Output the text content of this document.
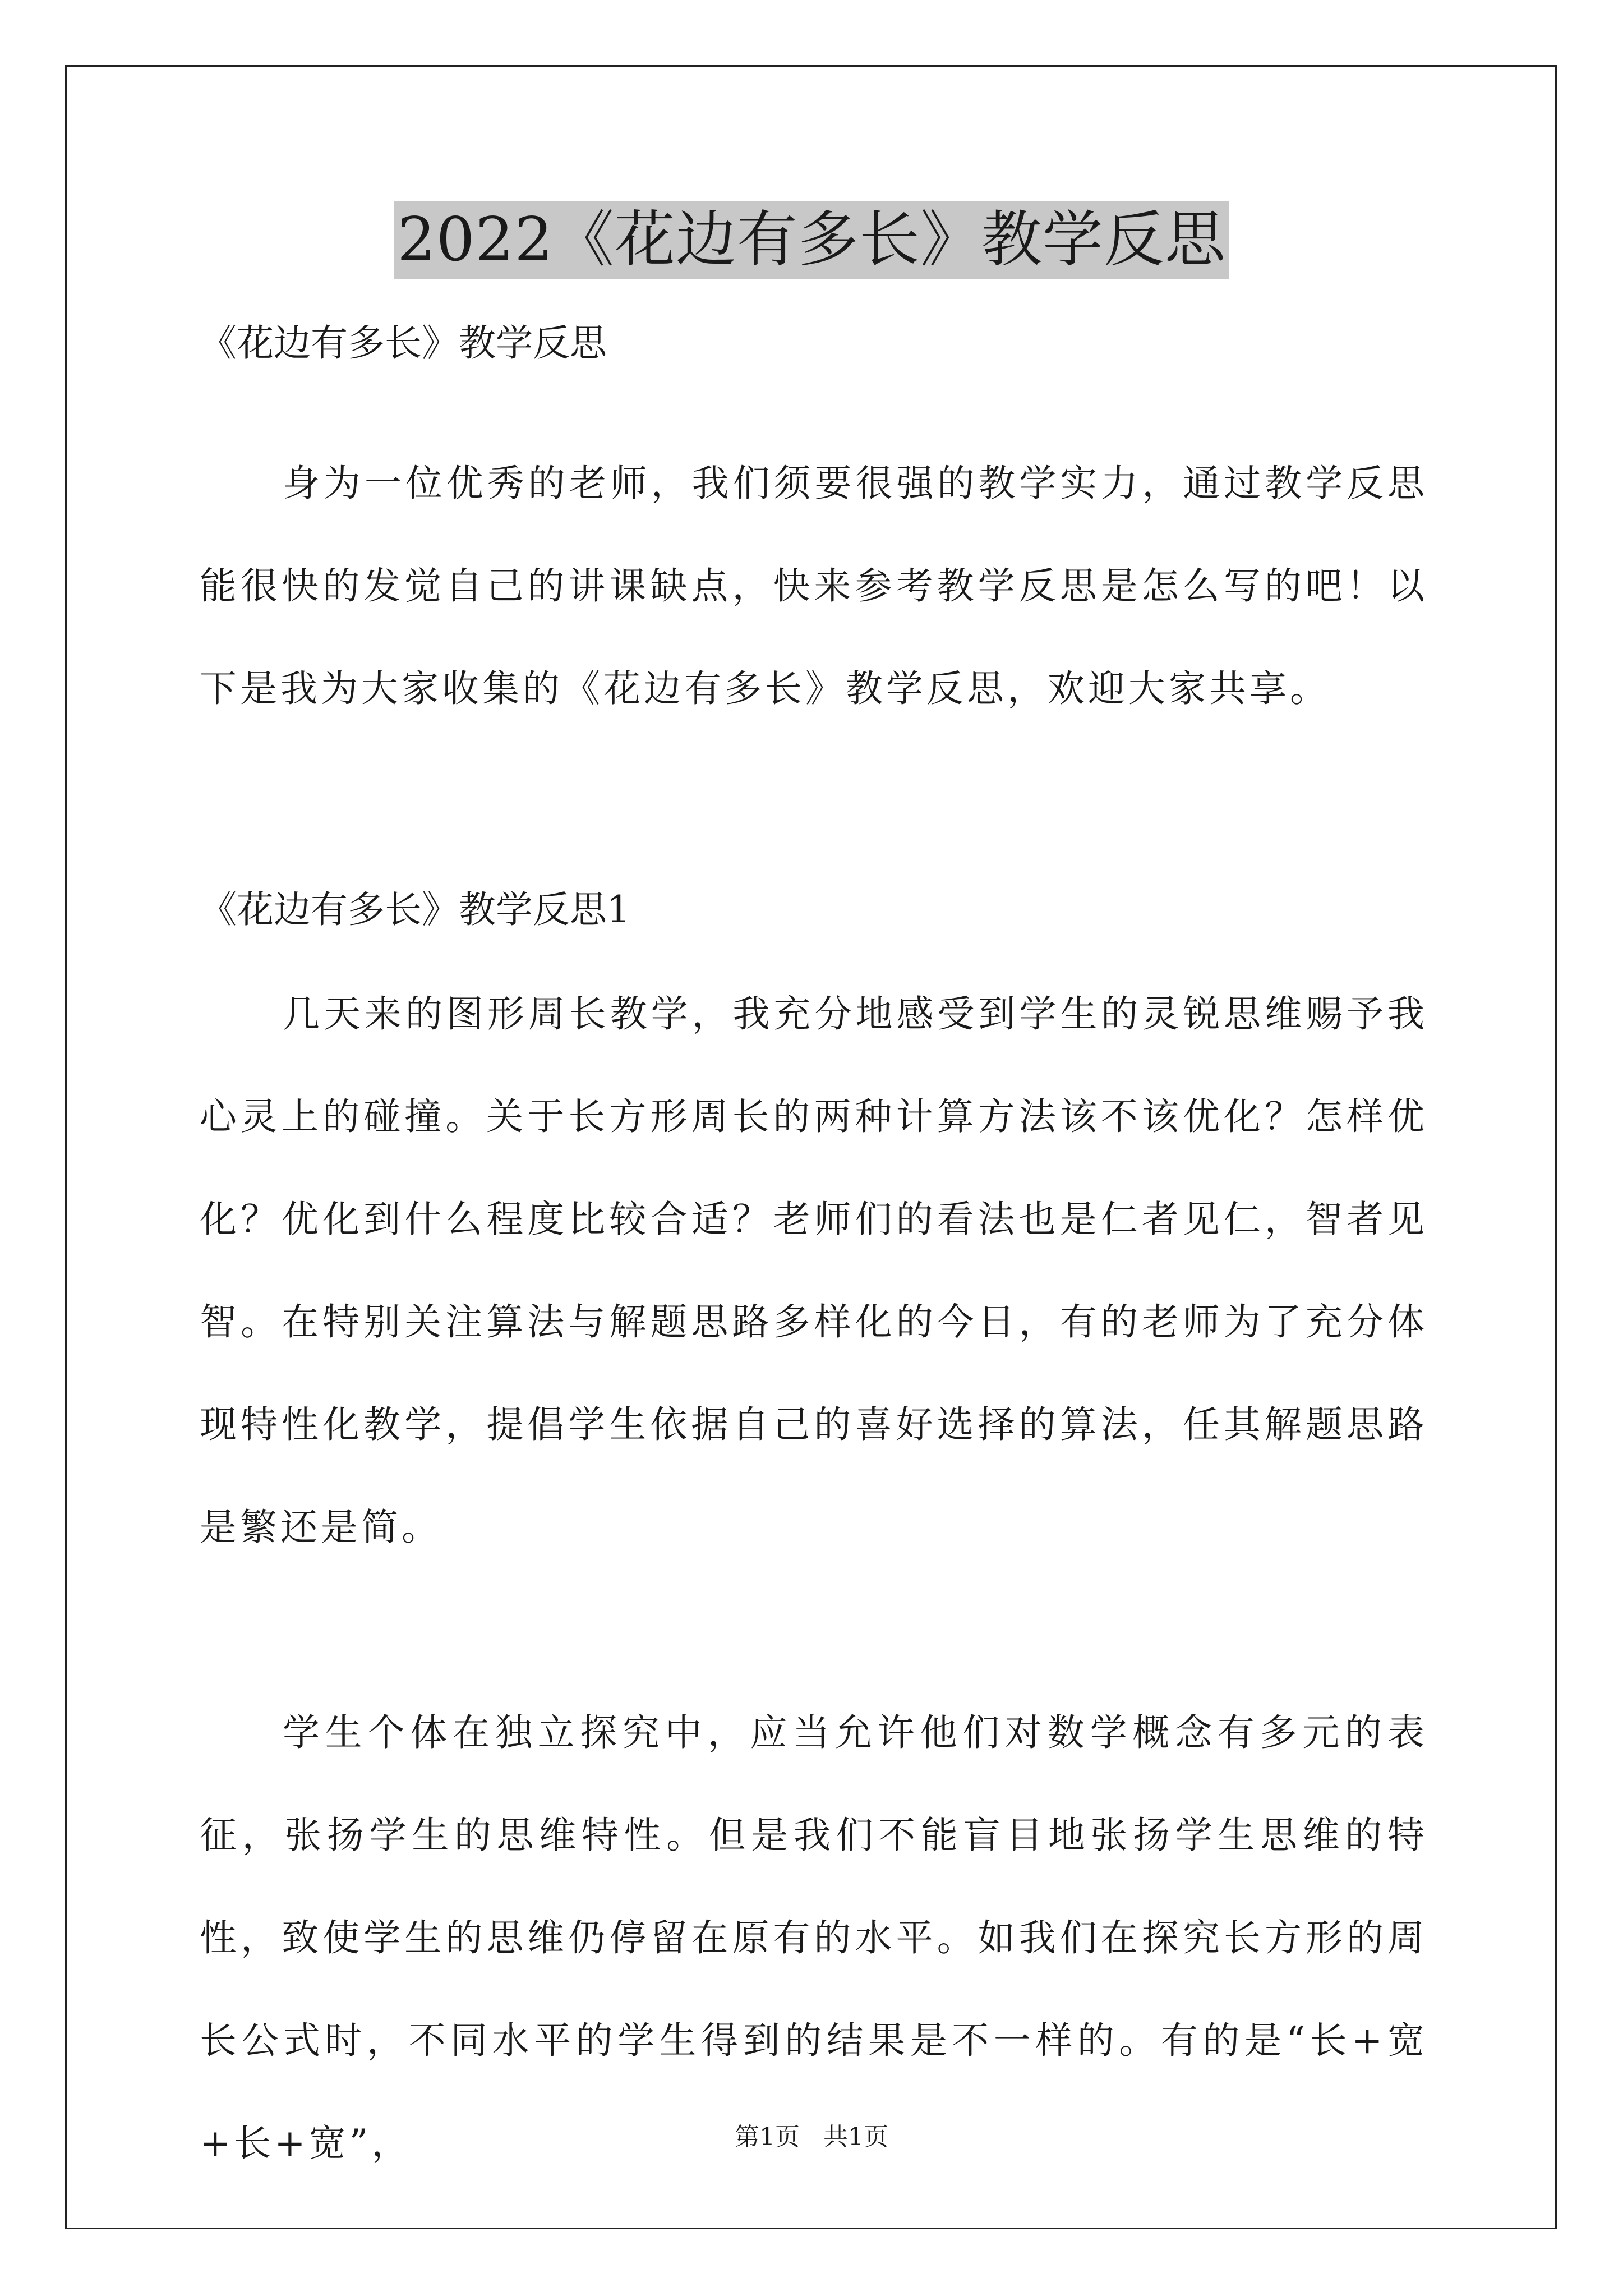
2022《花边有多长》教学反思
《花边有多长》教学反思

身为一位优秀的老师，我们须要很强的教学实力，通过教学反思能很快的发觉自己的讲课缺点，快来参考教学反思是怎么写的吧！以下是我为大家收集的《花边有多长》教学反思，欢迎大家共享。

《花边有多长》教学反思1

几天来的图形周长教学，我充分地感受到学生的灵锐思维赐予我心灵上的碰撞。关于长方形周长的两种计算方法该不该优化？怎样优化？优化到什么程度比较合适？老师们的看法也是仁者见仁，智者见智。在特别关注算法与解题思路多样化的今日，有的老师为了充分体现特性化教学，提倡学生依据自己的喜好选择的算法，任其解题思路是繁还是简。

学生个体在独立探究中，应当允许他们对数学概念有多元的表征，张扬学生的思维特性。但是我们不能盲目地张扬学生思维的特性，致使学生的思维仍停留在原有的水平。如我们在探究长方形的周长公式时，不同水平的学生得到的结果是不一样的。有的是“长+宽+长+宽”，	第1页   共1页
